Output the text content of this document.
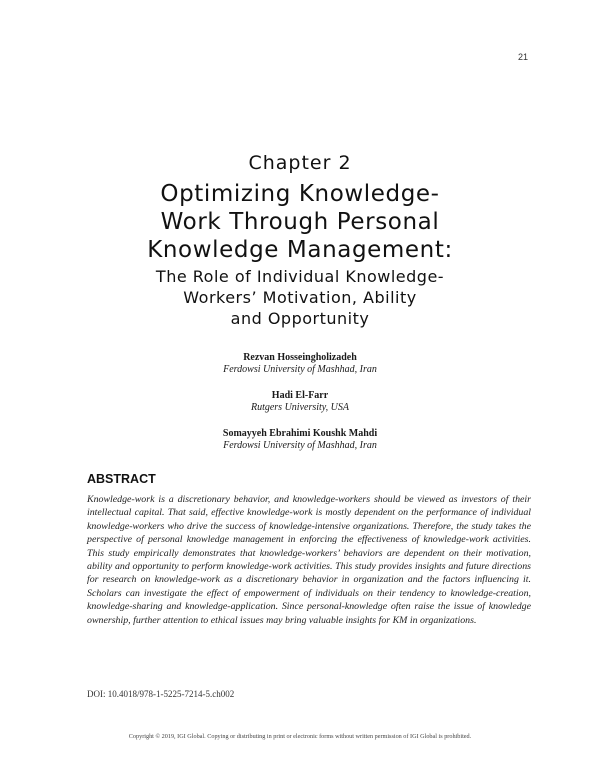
21
Chapter 2
Optimizing Knowledge-
Work Through Personal
Knowledge Management:
The Role of Individual Knowledge-
Workers’ Motivation, Ability
and Opportunity
Rezvan Hosseingholizadeh
Ferdowsi University of Mashhad, Iran
Hadi El-Farr
Rutgers University, USA
Somayyeh Ebrahimi Koushk Mahdi
Ferdowsi University of Mashhad, Iran
ABSTRACT

Knowledge-work is a discretionary behavior, and knowledge-workers should be viewed as investors of their intellectual capital. That said, effective knowledge-work is mostly dependent on the performance of individual knowledge-workers who drive the success of knowledge-intensive organizations. Therefore, the study takes the perspective of personal knowledge management in enforcing the effectiveness of knowledge-work activities. This study empirically demonstrates that knowledge-workers’ behaviors are dependent on their motivation, ability and opportunity to perform knowledge-work activities. This study provides insights and future directions for research on knowledge-work as a discretionary behavior in organization and the factors influencing it. Scholars can investigate the effect of empowerment of individuals on their tendency to knowledge-creation, knowledge-sharing and knowledge-application. Since personal-knowledge often raise the issue of knowledge ownership, further attention to ethical issues may bring valuable insights for KM in organizations.

DOI: 10.4018/978-1-5225-7214-5.ch002
Copyright © 2019, IGI Global. Copying or distributing in print or electronic forms without written permission of IGI Global is prohibited.
